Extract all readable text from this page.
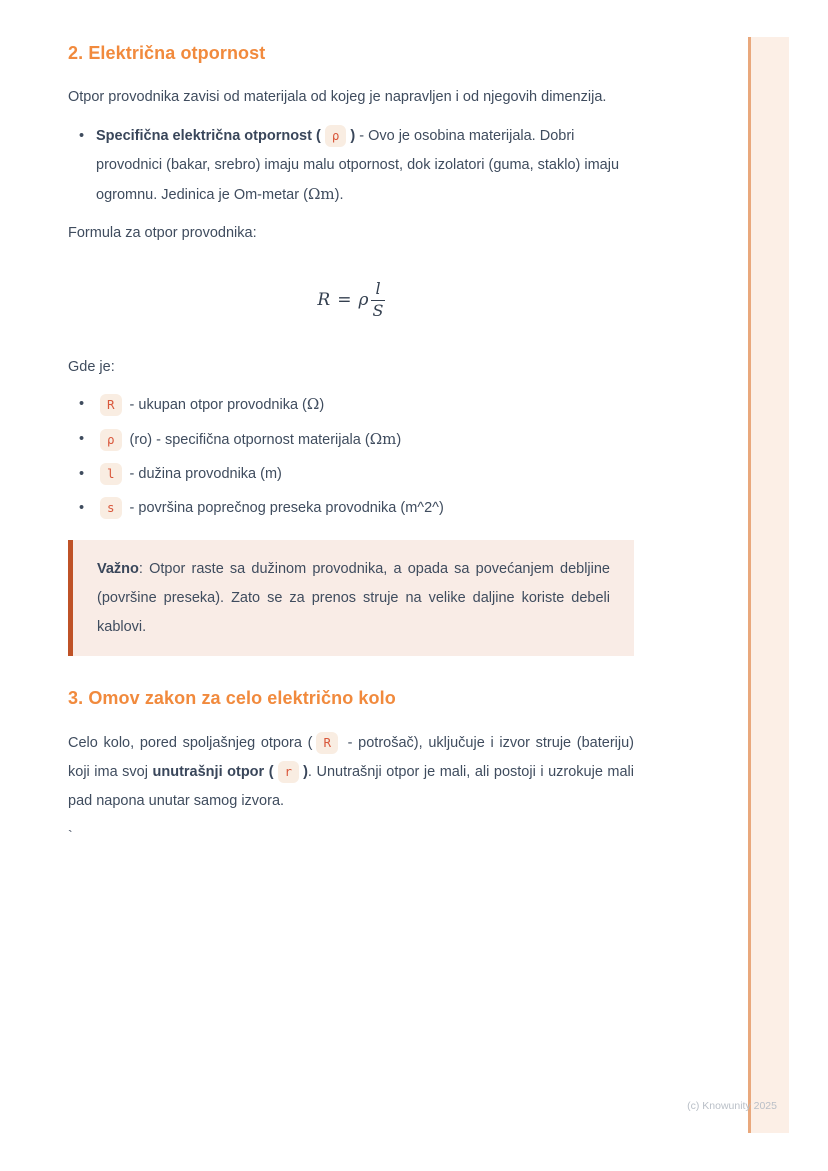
2. Električna otpornost

Otpor provodnika zavisi od materijala od kojeg je napravljen i od njegovih dimenzija.

• Specifična električna otpornost ( ρ ) - Ovo je osobina materijala. Dobri provodnici (bakar, srebro) imaju malu otpornost, dok izolatori (guma, staklo) imaju ogromnu. Jedinica je Om-metar (Ωm).

Formula za otpor provodnika:

R = ρ $\frac{l}{S}$

Gde je:

• R - ukupan otpor provodnika (Ω)
• ρ (ro) - specifična otpornost materijala (Ωm)
• l - dužina provodnika (m)
• s - površina poprečnog preseka provodnika (m^2^)

Važno: Otpor raste sa dužinom provodnika, a opada sa povećanjem debljine (površine preseka). Zato se za prenos struje na velike daljine koriste debeli kablovi.

3. Omov zakon za celo električno kolo

Celo kolo, pored spoljašnjeg otpora ( R - potrošač), uključuje i izvor struje (bateriju) koji ima svoj unutrašnji otpor ( r ). Unutrašnji otpor je mali, ali postoji i uzrokuje mali pad napona unutar samog izvora.

`

(c) Knowunity 2025
